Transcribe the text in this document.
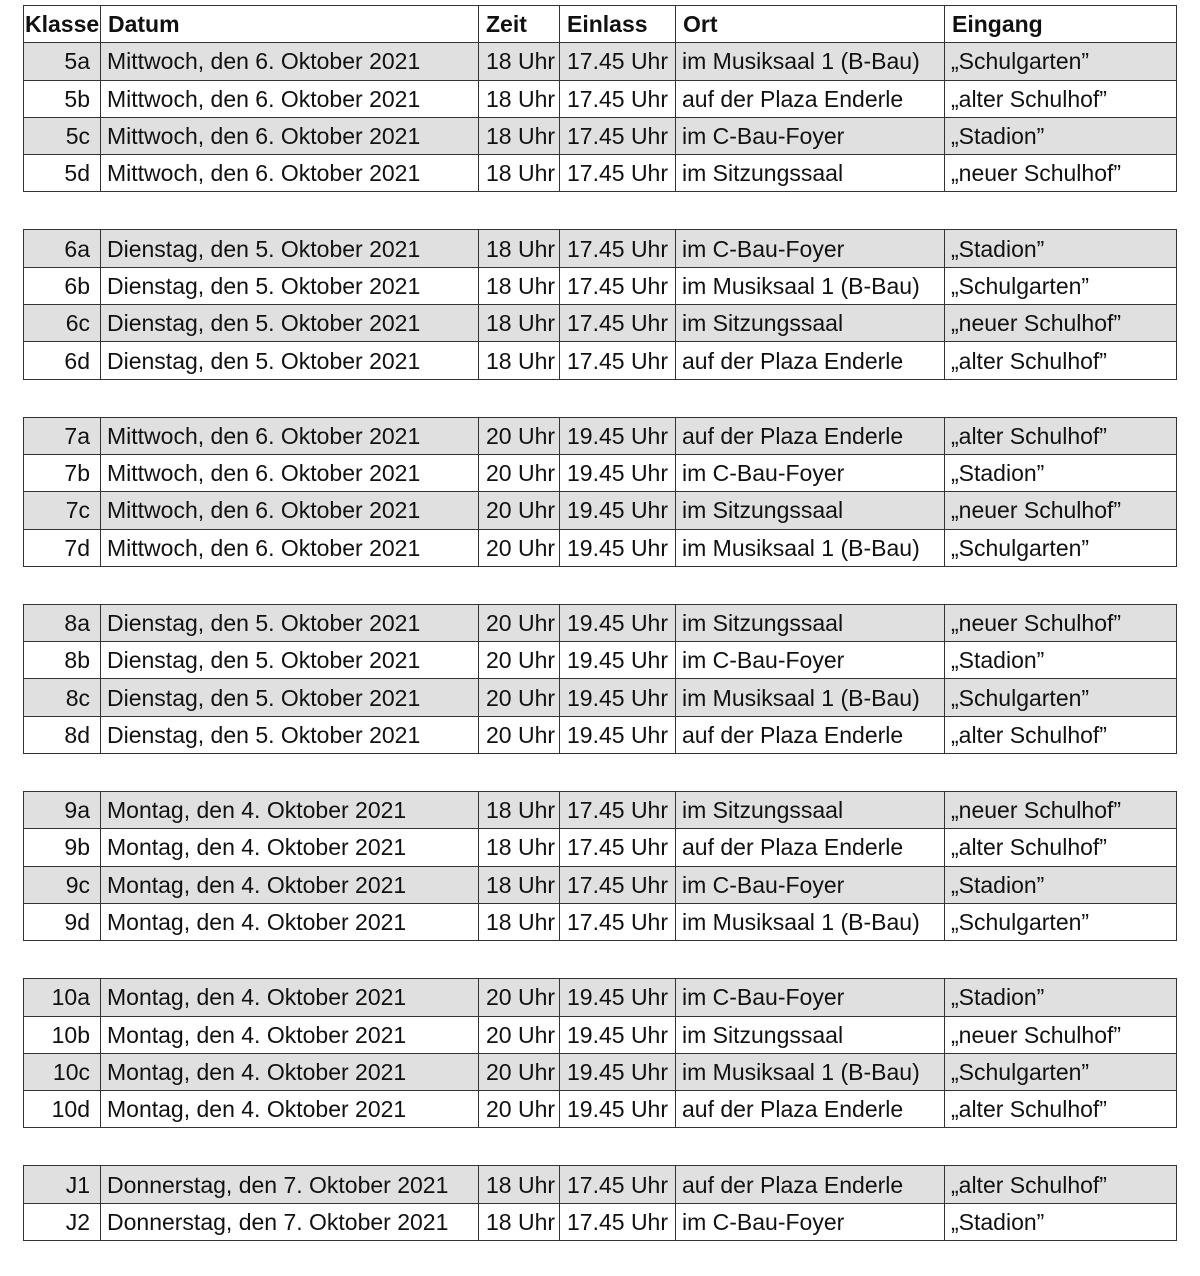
Klasse	Datum	Zeit	Einlass	Ort	Eingang
5a	Mittwoch, den 6. Oktober 2021	18 Uhr	17.45 Uhr	im Musiksaal 1 (B-Bau)	„Schulgarten”
5b	Mittwoch, den 6. Oktober 2021	18 Uhr	17.45 Uhr	auf der Plaza Enderle	„alter Schulhof”
5c	Mittwoch, den 6. Oktober 2021	18 Uhr	17.45 Uhr	im C-Bau-Foyer	„Stadion”
5d	Mittwoch, den 6. Oktober 2021	18 Uhr	17.45 Uhr	im Sitzungssaal	„neuer Schulhof”
6a	Dienstag, den 5. Oktober 2021	18 Uhr	17.45 Uhr	im C-Bau-Foyer	„Stadion”
6b	Dienstag, den 5. Oktober 2021	18 Uhr	17.45 Uhr	im Musiksaal 1 (B-Bau)	„Schulgarten”
6c	Dienstag, den 5. Oktober 2021	18 Uhr	17.45 Uhr	im Sitzungssaal	„neuer Schulhof”
6d	Dienstag, den 5. Oktober 2021	18 Uhr	17.45 Uhr	auf der Plaza Enderle	„alter Schulhof”
7a	Mittwoch, den 6. Oktober 2021	20 Uhr	19.45 Uhr	auf der Plaza Enderle	„alter Schulhof”
7b	Mittwoch, den 6. Oktober 2021	20 Uhr	19.45 Uhr	im C-Bau-Foyer	„Stadion”
7c	Mittwoch, den 6. Oktober 2021	20 Uhr	19.45 Uhr	im Sitzungssaal	„neuer Schulhof”
7d	Mittwoch, den 6. Oktober 2021	20 Uhr	19.45 Uhr	im Musiksaal 1 (B-Bau)	„Schulgarten”
8a	Dienstag, den 5. Oktober 2021	20 Uhr	19.45 Uhr	im Sitzungssaal	„neuer Schulhof”
8b	Dienstag, den 5. Oktober 2021	20 Uhr	19.45 Uhr	im C-Bau-Foyer	„Stadion”
8c	Dienstag, den 5. Oktober 2021	20 Uhr	19.45 Uhr	im Musiksaal 1 (B-Bau)	„Schulgarten”
8d	Dienstag, den 5. Oktober 2021	20 Uhr	19.45 Uhr	auf der Plaza Enderle	„alter Schulhof”
9a	Montag, den 4. Oktober 2021	18 Uhr	17.45 Uhr	im Sitzungssaal	„neuer Schulhof”
9b	Montag, den 4. Oktober 2021	18 Uhr	17.45 Uhr	auf der Plaza Enderle	„alter Schulhof”
9c	Montag, den 4. Oktober 2021	18 Uhr	17.45 Uhr	im C-Bau-Foyer	„Stadion”
9d	Montag, den 4. Oktober 2021	18 Uhr	17.45 Uhr	im Musiksaal 1 (B-Bau)	„Schulgarten”
10a	Montag, den 4. Oktober 2021	20 Uhr	19.45 Uhr	im C-Bau-Foyer	„Stadion”
10b	Montag, den 4. Oktober 2021	20 Uhr	19.45 Uhr	im Sitzungssaal	„neuer Schulhof”
10c	Montag, den 4. Oktober 2021	20 Uhr	19.45 Uhr	im Musiksaal 1 (B-Bau)	„Schulgarten”
10d	Montag, den 4. Oktober 2021	20 Uhr	19.45 Uhr	auf der Plaza Enderle	„alter Schulhof”
J1	Donnerstag, den 7. Oktober 2021	18 Uhr	17.45 Uhr	auf der Plaza Enderle	„alter Schulhof”
J2	Donnerstag, den 7. Oktober 2021	18 Uhr	17.45 Uhr	im C-Bau-Foyer	„Stadion”
